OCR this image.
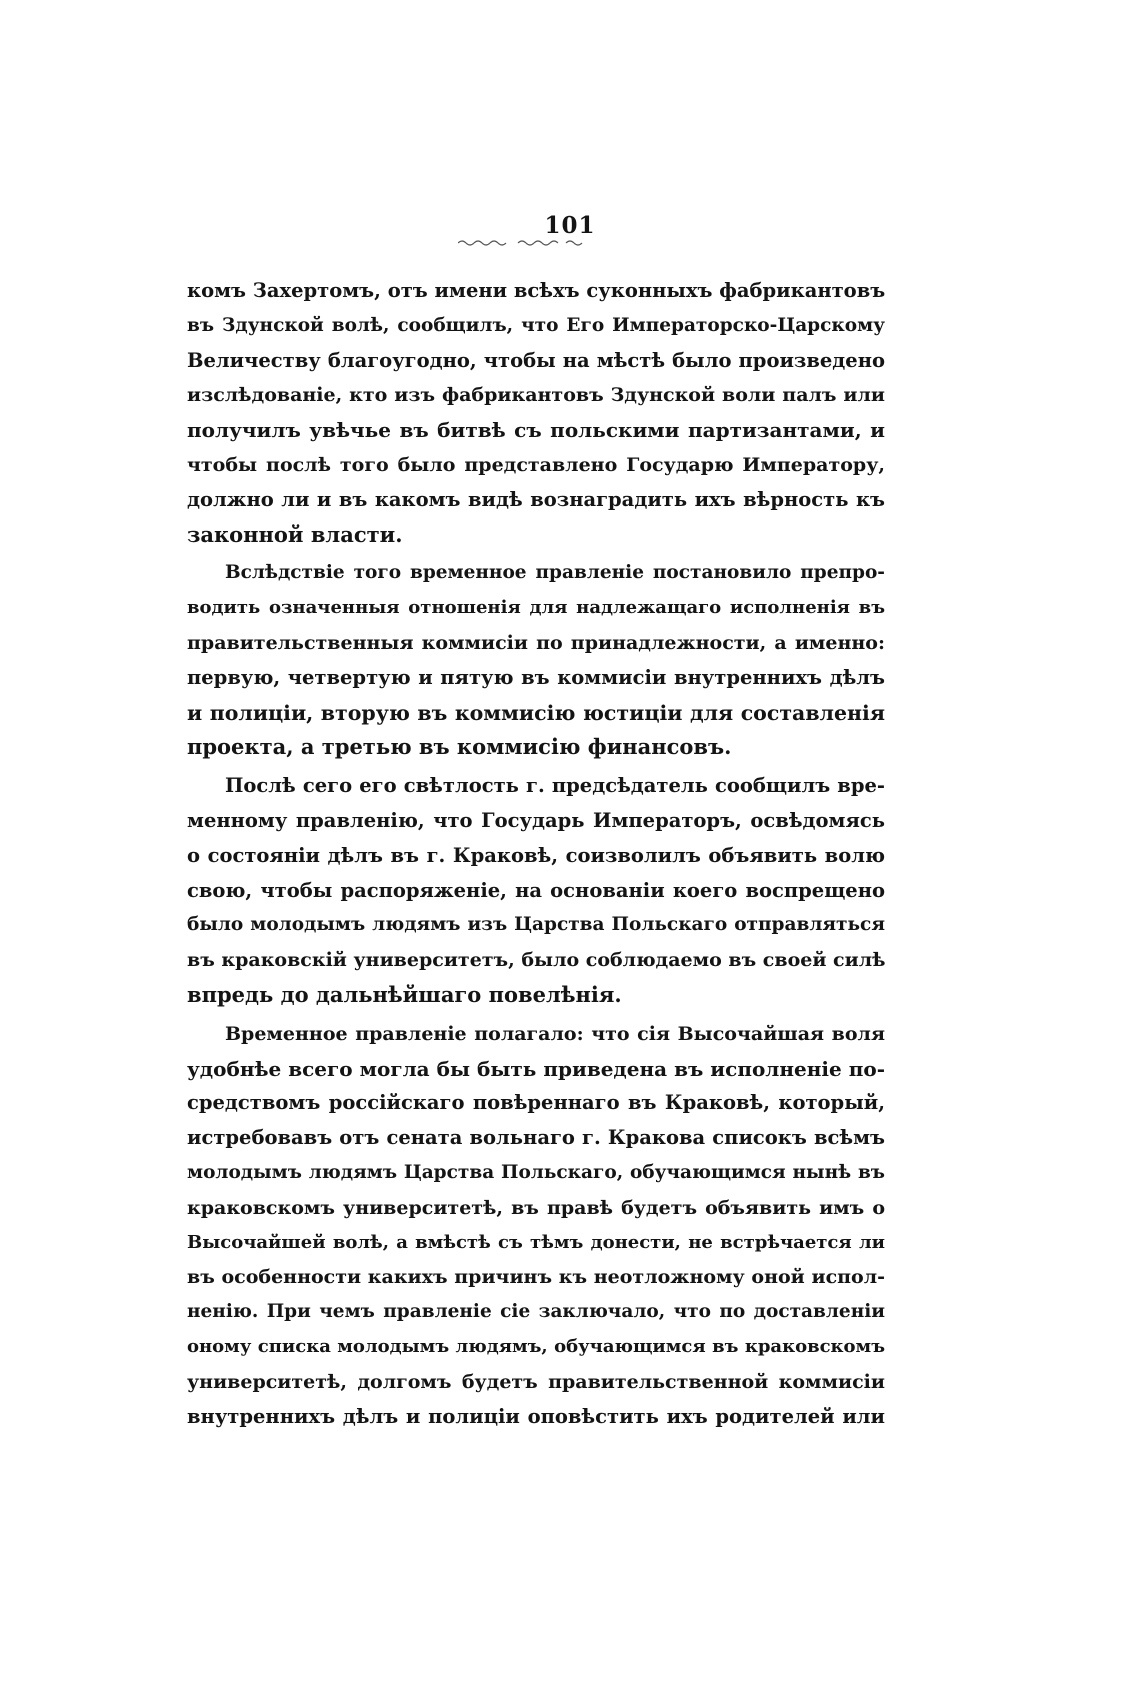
101
комъ Захертомъ, отъ имени всѣхъ суконныхъ фабрикантовъ
въ Здунской волѣ, сообщилъ, что Его Императорско-Царскому
Величеству благоугодно, чтобы на мѣстѣ было произведено
изслѣдованіе, кто изъ фабрикантовъ Здунской воли палъ или
получилъ увѣчье въ битвѣ съ польскими партизантами, и
чтобы послѣ того было представлено Государю Императору,
должно ли и въ какомъ видѣ вознаградить ихъ вѣрность къ
законной власти.
Вслѣдствіе того временное правленіе постановило препро-
водить означенныя отношенія для надлежащаго исполненія въ
правительственныя коммисіи по принадлежности, а именно:
первую, четвертую и пятую въ коммисіи внутреннихъ дѣлъ
и полиціи, вторую въ коммисію юстиціи для составленія
проекта, а третью въ коммисію финансовъ.
Послѣ сего его свѣтлость г. предсѣдатель сообщилъ вре-
менному правленію, что Государь Императоръ, освѣдомясь
о состояніи дѣлъ въ г. Краковѣ, соизволилъ объявить волю
свою, чтобы распоряженіе, на основаніи коего воспрещено
было молодымъ людямъ изъ Царства Польскаго отправляться
въ краковскій университетъ, было соблюдаемо въ своей силѣ
впредь до дальнѣйшаго повелѣнія.
Временное правленіе полагало: что сія Высочайшая воля
удобнѣе всего могла бы быть приведена въ исполненіе по-
средствомъ россійскаго повѣреннаго въ Краковѣ, который,
истребовавъ отъ сената вольнаго г. Кракова списокъ всѣмъ
молодымъ людямъ Царства Польскаго, обучающимся нынѣ въ
краковскомъ университетѣ, въ правѣ будетъ объявить имъ о
Высочайшей волѣ, а вмѣстѣ съ тѣмъ донести, не встрѣчается ли
въ особенности какихъ причинъ къ неотложному оной испол-
ненію. При чемъ правленіе сіе заключало, что по доставленіи
оному списка молодымъ людямъ, обучающимся въ краковскомъ
университетѣ, долгомъ будетъ правительственной коммисіи
внутреннихъ дѣлъ и полиціи оповѣстить ихъ родителей или
